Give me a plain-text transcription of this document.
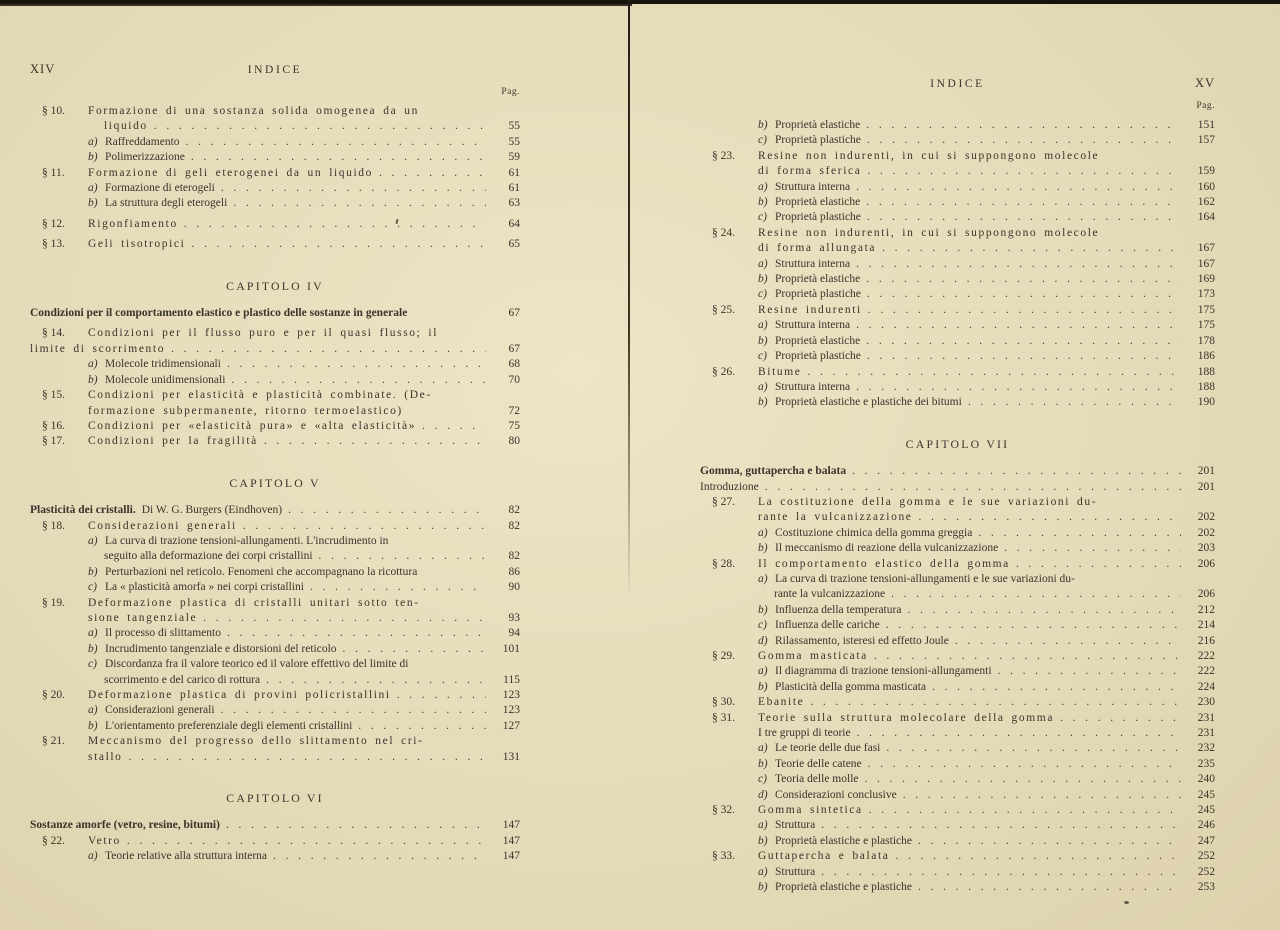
XIV	INDICE
Pag.
§ 10.	Formazione di una sostanza solida omogenea da un
liquido . . .	55
a) Raffreddamento . . .	55
b) Polimerizzazione . . .	59
§ 11.	Formazione di geli eterogenei da un liquido . . .	61
a) Formazione di eterogeli . . .	61
b) La struttura degli eterogeli . . .	63
§ 12.	Rigonfiamento . . .	64
§ 13.	Geli tisotropici . . .	65
CAPITOLO IV
Condizioni per il comportamento elastico e plastico delle sostanze in generale	67
§ 14.	Condizioni per il flusso puro e per il quasi flusso; il
limite di scorrimento . . .	67
a) Molecole tridimensionali . . .	68
b) Molecole unidimensionali . . .	70
§ 15.	Condizioni per elasticità e plasticità combinate. (De-
formazione subpermanente, ritorno termoelastico)	72
§ 16.	Condizioni per «elasticità pura» e «alta elasticità» . . .	75
§ 17.	Condizioni per la fragilità . . .	80
CAPITOLO V
Plasticità dei cristalli. Di W. G. Burgers (Eindhoven) . . .	82
§ 18.	Considerazioni generali . . .	82
a) La curva di trazione tensioni-allungamenti. L'incrudimento in
seguito alla deformazione dei corpi cristallini . . .	82
b) Perturbazioni nel reticolo. Fenomeni che accompagnano la ricottura	86
c) La « plasticità amorfa » nei corpi cristallini . . .	90
§ 19.	Deformazione plastica di cristalli unitari sotto ten-
sione tangenziale . . .	93
a) Il processo di slittamento . . .	94
b) Incrudimento tangenziale e distorsioni del reticolo . . .	101
c) Discordanza fra il valore teorico ed il valore effettivo del limite di
scorrimento e del carico di rottura . . .	115
§ 20.	Deformazione plastica di provini policristallini . . .	123
a) Considerazioni generali . . .	123
b) L'orientamento preferenziale degli elementi cristallini . . .	127
§ 21.	Meccanismo del progresso dello slittamento nel cri-
stallo . . .	131
CAPITOLO VI
Sostanze amorfe (vetro, resine, bitumi) . . .	147
§ 22.	Vetro . . .	147
a) Teorie relative alla struttura interna . . .	147
INDICE	XV
Pag.
b) Proprietà elastiche . . .	151
c) Proprietà plastiche . . .	157
§ 23.	Resine non indurenti, in cui si suppongono molecole
di forma sferica . . .	159
a) Struttura interna . . .	160
b) Proprietà elastiche . . .	162
c) Proprietà plastiche . . .	164
§ 24.	Resine non indurenti, in cui si suppongono molecole
di forma allungata . . .	167
a) Struttura interna . . .	167
b) Proprietà elastiche . . .	169
c) Proprietà plastiche . . .	173
§ 25.	Resine indurenti . . .	175
a) Struttura interna . . .	175
b) Proprietà elastiche . . .	178
c) Proprietà plastiche . . .	186
§ 26.	Bitume . . .	188
a) Struttura interna . . .	188
b) Proprietà elastiche e plastiche dei bitumi . . .	190
CAPITOLO VII
Gomma, guttapercha e balata . . .	201
Introduzione . . .	201
§ 27.	La costituzione della gomma e le sue variazioni du-
rante la vulcanizzazione . . .	202
a) Costituzione chimica della gomma greggia . . .	202
b) Il meccanismo di reazione della vulcanizzazione . . .	203
§ 28.	Il comportamento elastico della gomma . . .	206
a) La curva di trazione tensioni-allungamenti e le sue variazioni du-
rante la vulcanizzazione . . .	206
b) Influenza della temperatura . . .	212
c) Influenza delle cariche . . .	214
d) Rilassamento, isteresi ed effetto Joule . . .	216
§ 29.	Gomma masticata . . .	222
a) Il diagramma di trazione tensioni-allungamenti . . .	222
b) Plasticità della gomma masticata . . .	224
§ 30.	Ebanite . . .	230
§ 31.	Teorie sulla struttura molecolare della gomma . . .	231
I tre gruppi di teorie . . .	231
a) Le teorie delle due fasi . . .	232
b) Teorie delle catene . . .	235
c) Teoria delle molle . . .	240
d) Considerazioni conclusive . . .	245
§ 32.	Gomma sintetica . . .	245
a) Struttura . . .	246
b) Proprietà elastiche e plastiche . . .	247
§ 33.	Guttapercha e balata . . .	252
a) Struttura . . .	252
b) Proprietà elastiche e plastiche . . .	253
